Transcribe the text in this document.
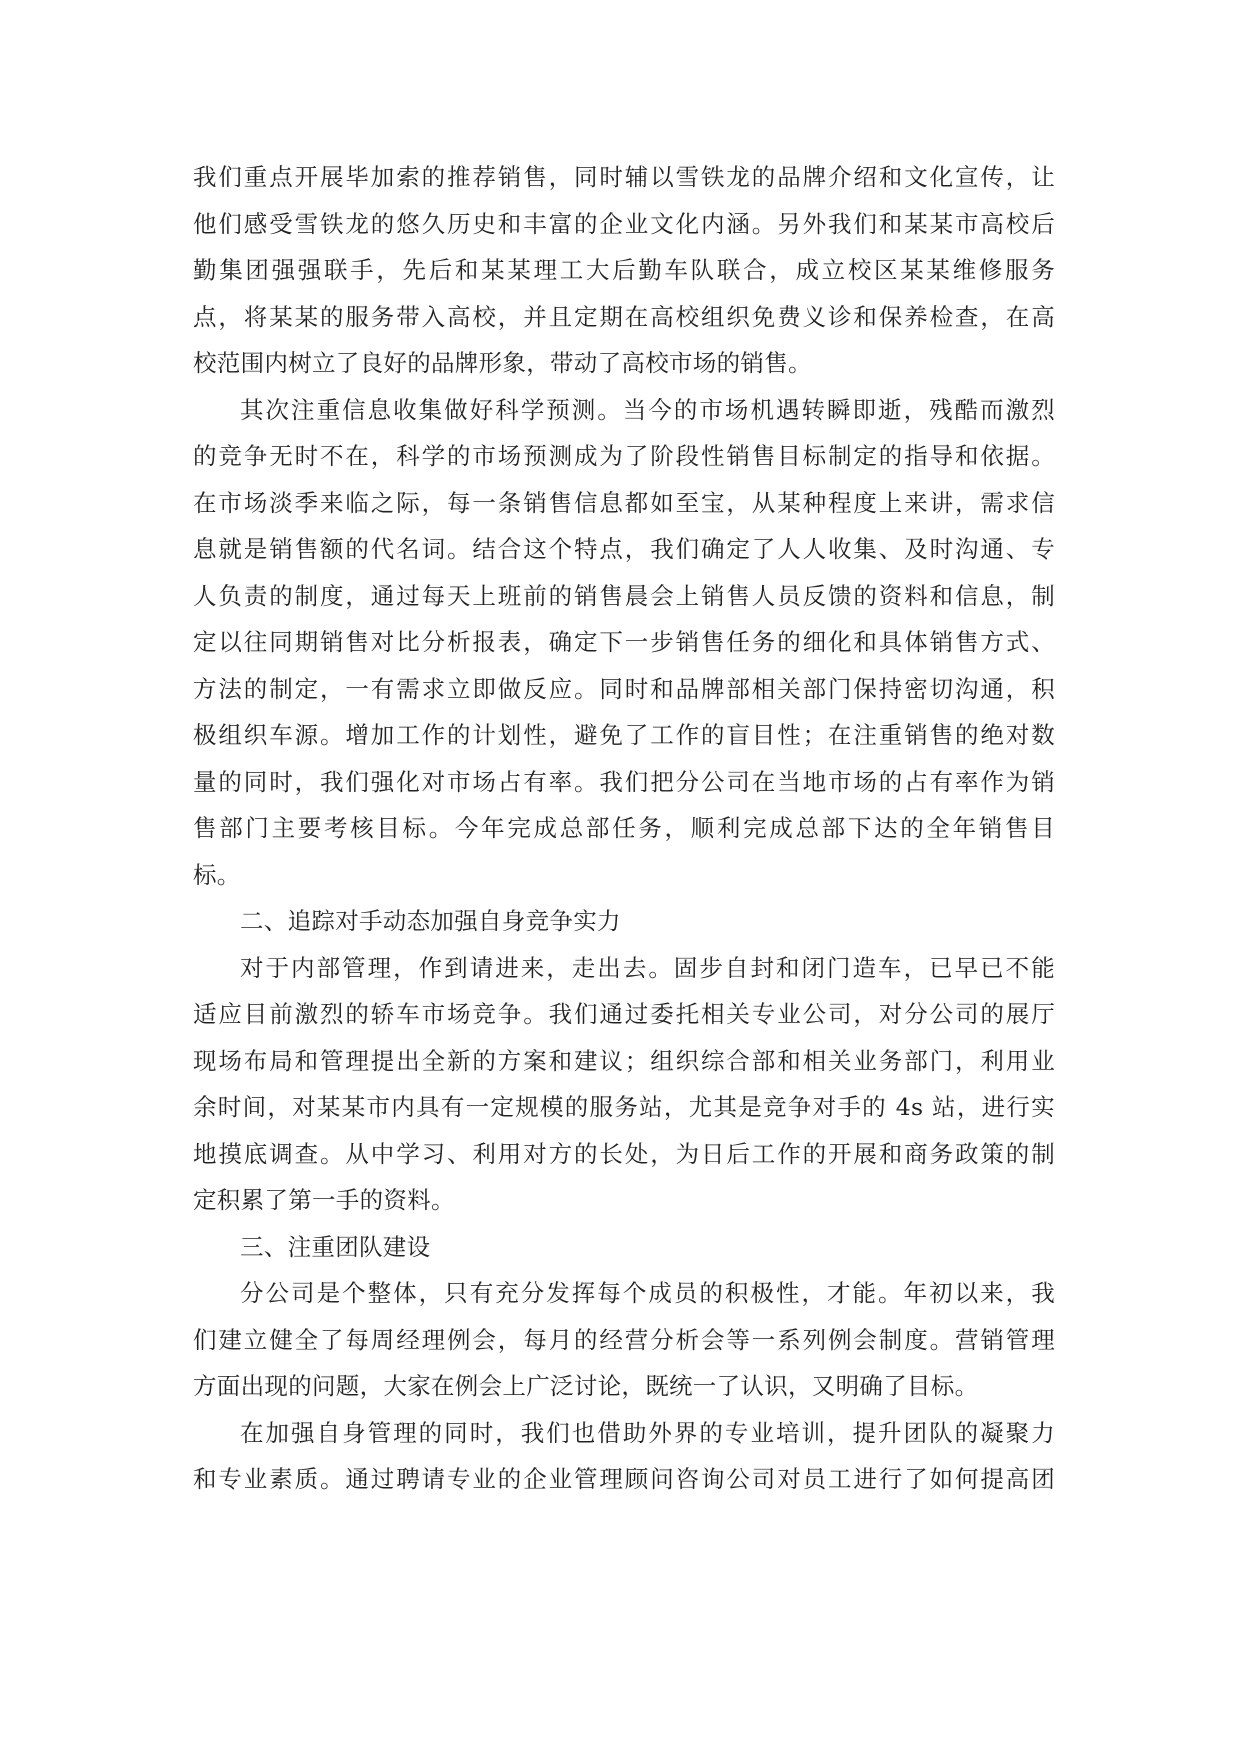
我们重点开展毕加索的推荐销售，同时辅以雪铁龙的品牌介绍和文化宣传，让
他们感受雪铁龙的悠久历史和丰富的企业文化内涵。另外我们和某某市高校后
勤集团强强联手，先后和某某理工大后勤车队联合，成立校区某某维修服务
点，将某某的服务带入高校，并且定期在高校组织免费义诊和保养检查，在高
校范围内树立了良好的品牌形象，带动了高校市场的销售。
其次注重信息收集做好科学预测。当今的市场机遇转瞬即逝，残酷而激烈
的竞争无时不在，科学的市场预测成为了阶段性销售目标制定的指导和依据。
在市场淡季来临之际，每一条销售信息都如至宝，从某种程度上来讲，需求信
息就是销售额的代名词。结合这个特点，我们确定了人人收集、及时沟通、专
人负责的制度，通过每天上班前的销售晨会上销售人员反馈的资料和信息，制
定以往同期销售对比分析报表，确定下一步销售任务的细化和具体销售方式、
方法的制定，一有需求立即做反应。同时和品牌部相关部门保持密切沟通，积
极组织车源。增加工作的计划性，避免了工作的盲目性；在注重销售的绝对数
量的同时，我们强化对市场占有率。我们把分公司在当地市场的占有率作为销
售部门主要考核目标。今年完成总部任务，顺利完成总部下达的全年销售目
标。
二、追踪对手动态加强自身竞争实力
对于内部管理，作到请进来，走出去。固步自封和闭门造车，已早已不能
适应目前激烈的轿车市场竞争。我们通过委托相关专业公司，对分公司的展厅
现场布局和管理提出全新的方案和建议；组织综合部和相关业务部门，利用业
余时间，对某某市内具有一定规模的服务站，尤其是竞争对手的 4s 站，进行实
地摸底调查。从中学习、利用对方的长处，为日后工作的开展和商务政策的制
定积累了第一手的资料。
三、注重团队建设
分公司是个整体，只有充分发挥每个成员的积极性，才能。年初以来，我
们建立健全了每周经理例会，每月的经营分析会等一系列例会制度。营销管理
方面出现的问题，大家在例会上广泛讨论，既统一了认识，又明确了目标。
在加强自身管理的同时，我们也借助外界的专业培训，提升团队的凝聚力
和专业素质。通过聘请专业的企业管理顾问咨询公司对员工进行了如何提高团
